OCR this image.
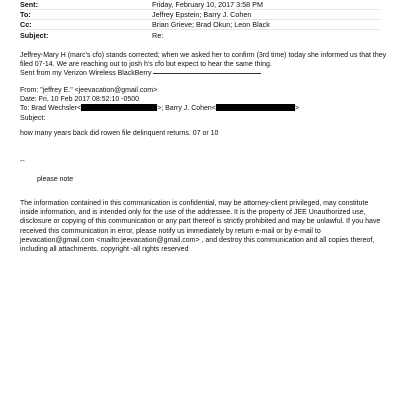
Sent:	Friday, February 10, 2017 3:58 PM
To:	Jeffrey Epstein; Barry J. Cohen
Cc:	Brian Grieve; Brad Okun; Leon Black
Subject:	Re:
Jeffrey-Mary H (marc's cfo) stands corrected; when we asked her to confirm (3rd time) today she informed us that they
filed 07-14. We are reaching out to josh h's cfo but expect to hear the same thing.
Sent from my Verizon Wireless BlackBerry
From: "jeffrey E." <jeevacation@gmail.com>
Date: Fri, 10 Feb 2017 08:52:10 -0500
To: Brad Wechsler<	>; Barry J. Cohen<	>
Subject:
how many years back did rowen file delinquent returns. 07 or 10
--
please note
The information contained in this communication is confidential, may be attorney-client privileged, may constitute
inside information, and is intended only for the use of the addressee. It is the property of JEE Unauthorized use,
disclosure or copying of this communication or any part thereof is strictly prohibited and may be unlawful. If you have
received this communication in error, please notify us immediately by return e-mail or by e-mail to
jeevacation@gmail.com <mailto:jeevacation@gmail.com> , and destroy this communication and all copies thereof,
including all attachments. copyright -all rights reserved
